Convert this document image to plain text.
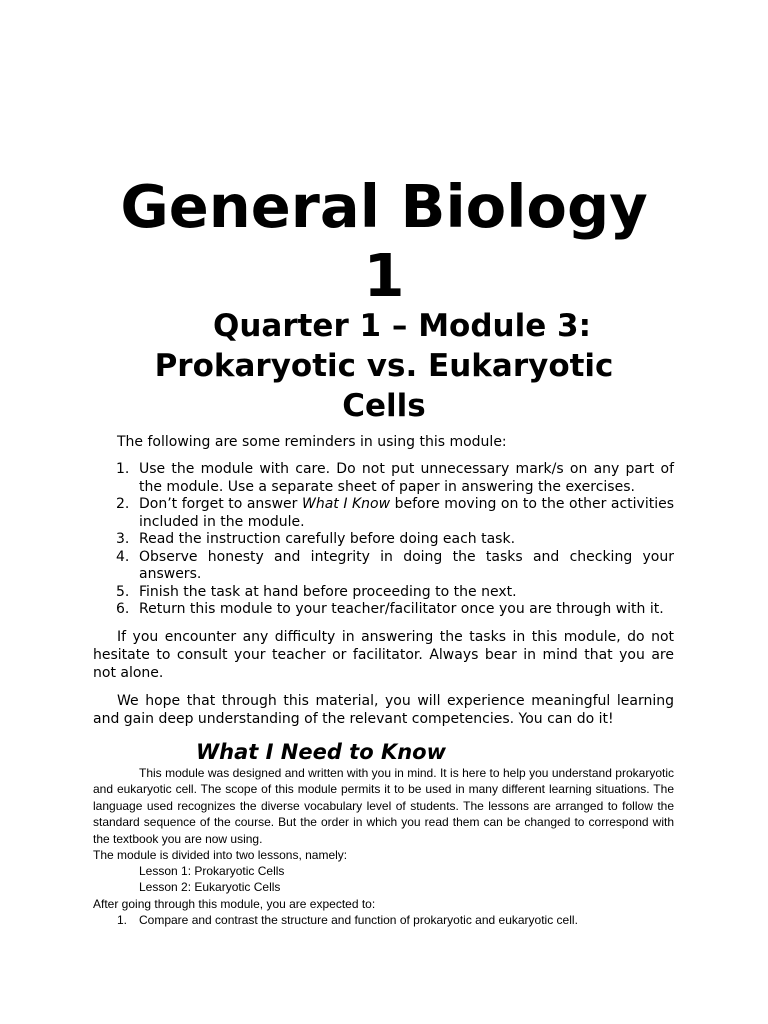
General Biology 1
Quarter 1 – Module 3:
Prokaryotic vs. Eukaryotic
Cells

The following are some reminders in using this module:

1. Use the module with care. Do not put unnecessary mark/s on any part of the module. Use a separate sheet of paper in answering the exercises.
2. Don’t forget to answer What I Know before moving on to the other activities included in the module.
3. Read the instruction carefully before doing each task.
4. Observe honesty and integrity in doing the tasks and checking your answers.
5. Finish the task at hand before proceeding to the next.
6. Return this module to your teacher/facilitator once you are through with it.

If you encounter any difficulty in answering the tasks in this module, do not hesitate to consult your teacher or facilitator. Always bear in mind that you are not alone.

We hope that through this material, you will experience meaningful learning and gain deep understanding of the relevant competencies. You can do it!

What I Need to Know

This module was designed and written with you in mind. It is here to help you understand prokaryotic and eukaryotic cell. The scope of this module permits it to be used in many different learning situations. The language used recognizes the diverse vocabulary level of students. The lessons are arranged to follow the standard sequence of the course. But the order in which you read them can be changed to correspond with the textbook you are now using.

The module is divided into two lessons, namely:

Lesson 1: Prokaryotic Cells

Lesson 2: Eukaryotic Cells

After going through this module, you are expected to:

1. Compare and contrast the structure and function of prokaryotic and eukaryotic cell.
